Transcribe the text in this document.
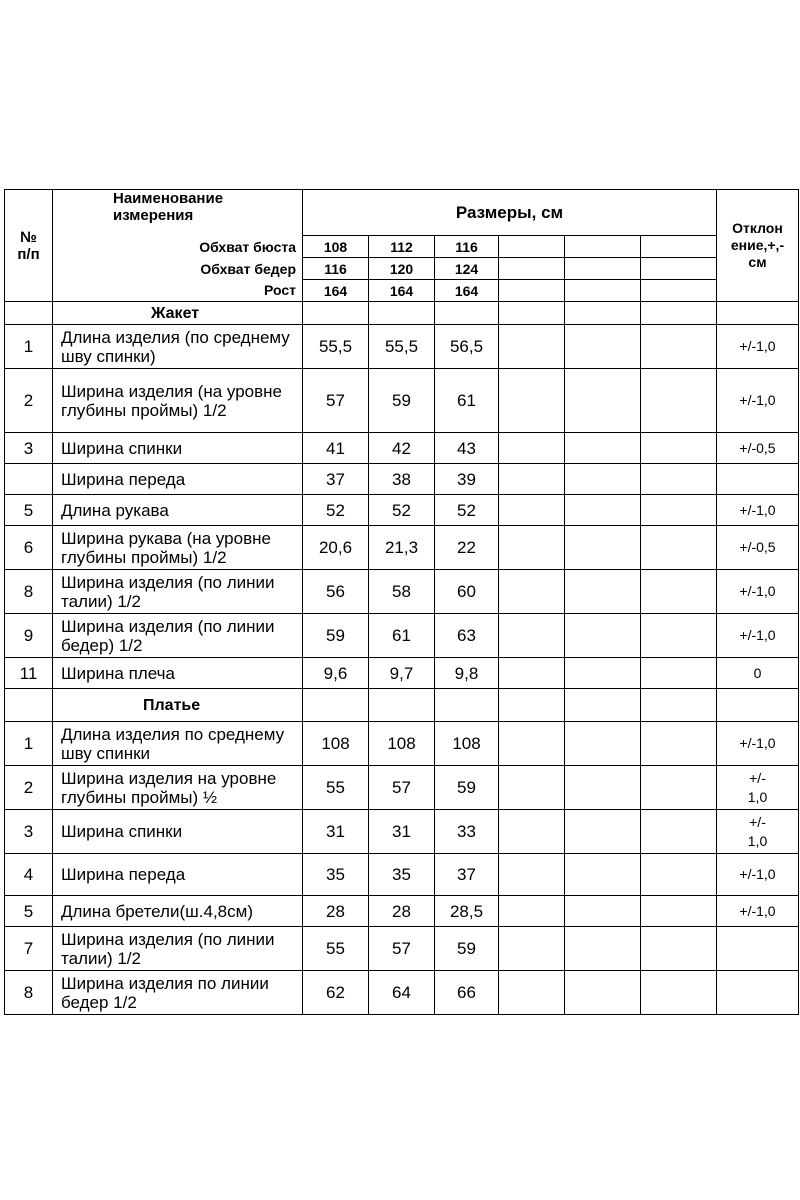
№
п/п	Наименование
измерения	Размеры, см						Отклон
ение,+,-
см
	Обхват бюста	108	112	116				
	Обхват бедер	116	120	124				
	Рост	164	164	164				
	Жакет							
1	Длина изделия (по среднему шву спинки)	55,5	55,5	56,5				+/-1,0
2	Ширина изделия (на уровне глубины проймы) 1/2	57	59	61				+/-1,0
3	Ширина спинки	41	42	43				+/-0,5
	Ширина переда	37	38	39				
5	Длина рукава	52	52	52				+/-1,0
6	Ширина рукава (на уровне глубины проймы) 1/2	20,6	21,3	22				+/-0,5
8	Ширина изделия (по линии талии) 1/2	56	58	60				+/-1,0
9	Ширина изделия (по линии бедер) 1/2	59	61	63				+/-1,0
11	Ширина плеча	9,6	9,7	9,8				0
	Платье							
1	Длина изделия по среднему шву спинки	108	108	108				+/-1,0
2	Ширина изделия на уровне глубины проймы) ½	55	57	59				+/-
1,0
3	Ширина спинки	31	31	33				+/-
1,0
4	Ширина переда	35	35	37				+/-1,0
5	Длина бретели(ш.4,8см)	28	28	28,5				+/-1,0
7	Ширина изделия (по линии талии) 1/2	55	57	59				
8	Ширина изделия по линии бедер 1/2	62	64	66				
